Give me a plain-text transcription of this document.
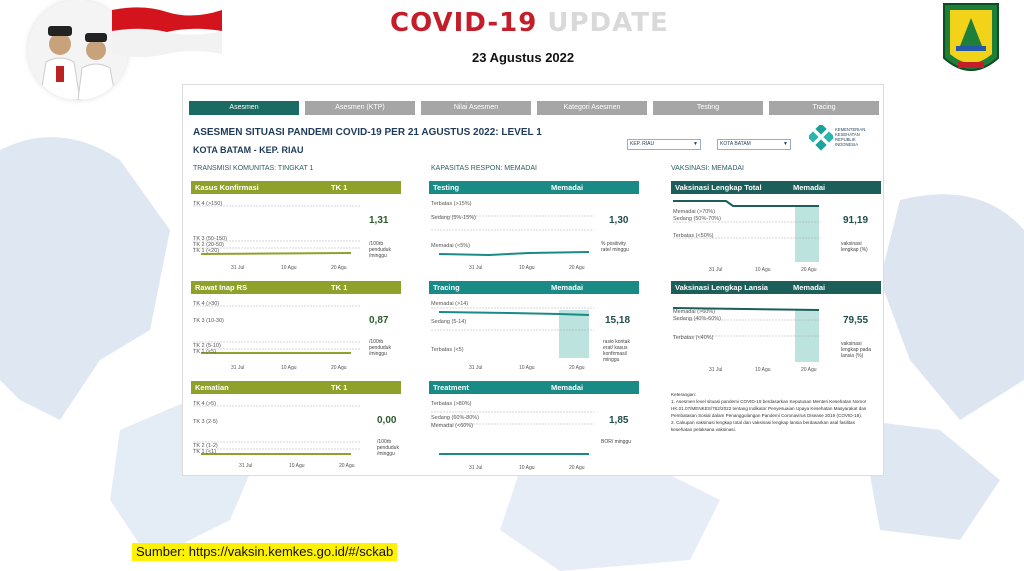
COVID-19 UPDATE
23 Agustus 2022
Asesmen	Asesmen (KTP)	Nilai Asesmen	Kategori Asesmen	Testing	Tracing
ASESMEN SITUASI PANDEMI COVID-19 PER 21 AGUSTUS 2022: LEVEL 1
KOTA BATAM - KEP. RIAU
KEP. RIAU	▼	KOTA BATAM	▼
KEMENTERIAN
KESEHATAN
REPUBLIK
INDONESIA
TRANSMISI KOMUNITAS: TINGKAT 1	KAPASITAS RESPON: MEMADAI	VAKSINASI: MEMADAI
Kasus Konfirmasi	TK 1
TK 4 (>150)
TK 3 (50-150)
TK 2 (20-50)
TK 1 (<20)
1,31
/100rb
penduduk
/minggu
31 Jul	10 Agu	20 Agu
Rawat Inap RS	TK 1
TK 4 (>30)
TK 3 (10-30)
TK 2 (5-10)
TK 1 (<5)
0,87
/100rb
penduduk
/minggu
31 Jul	10 Agu	20 Agu
Kematian	TK 1
TK 4 (>5)
TK 3 (2-5)
TK 2 (1-2)
TK 1 (<1)
0,00
/100rb
penduduk
/minggu
31 Jul	10 Agu	20 Agu
Testing	Memadai
Terbatas (>15%)
Sedang (5%-15%)
Memadai (<5%)
1,30
% positivity
rate/ minggu
31 Jul	10 Agu	20 Agu
Tracing	Memadai
Memadai (>14)
Sedang (5-14)
Terbatas (<5)
15,18
rasio kontak
erat/ kasus
konfirmasi/
minggu
31 Jul	10 Agu	20 Agu
Treatment	Memadai
Terbatas (>80%)
Sedang (60%-80%)
Memadai (<60%)	1,85
BOR/ minggu
31 Jul	10 Agu	20 Agu
Vaksinasi Lengkap Total	Memadai
Memadai (>70%)
Sedang (50%-70%)
Terbatas (<50%)
91,19
vaksinasi
lengkap (%)
31 Jul	10 Agu	20 Agu
Vaksinasi Lengkap Lansia	Memadai
Memadai (>60%)
Sedang (40%-60%)
Terbatas (<40%)
79,55
vaksinasi
lengkap pada
lansia (%)
31 Jul	10 Agu	20 Agu
Keterangan:
1. Asesmen level situasi pandemi COVID-19 berdasarkan Keputusan Menteri Kesehatan Nomor HK.01.07/MENKES/762/2022 tentang Indikator Penyesuaian Upaya Kesehatan Masyarakat dan Pembatasan Sosial dalam Penanggulangan Pandemi Coronavirus Disease 2019 (COVID-19).
2. Cakupan vaksinasi lengkap total dan vaksinasi lengkap lansia berdasarkan asal fasilitas kesehatan pelaksana vaksinasi.
Sumber: https://vaksin.kemkes.go.id/#/sckab
